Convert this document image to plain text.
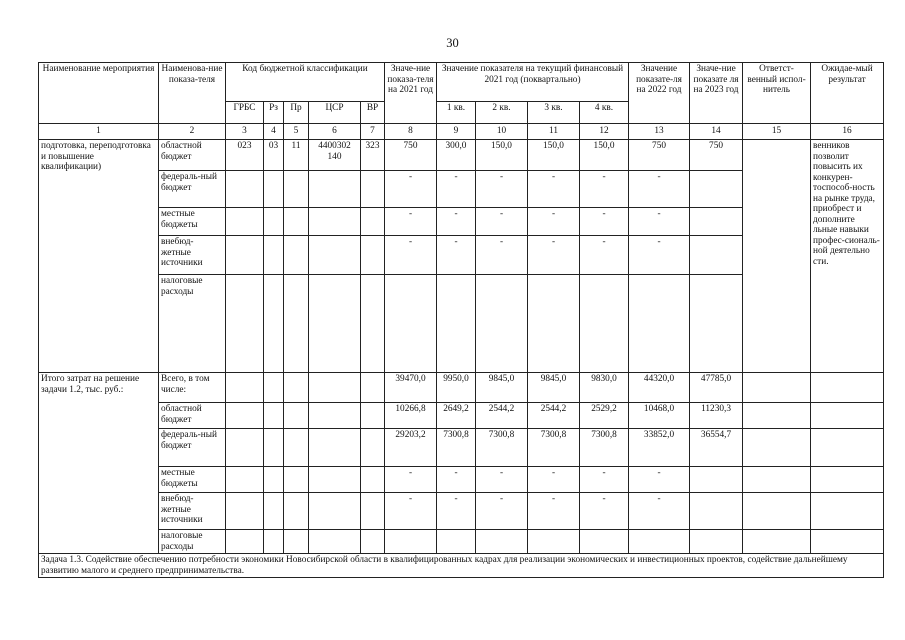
30
Наименование мероприятия	Наименова-ние показа-теля	Код бюджетной классификации					Значе-ние показа-теля на 2021 год	Значение показателя на текущий финансовый 2021 год (поквартально)				Значение показате-ля на 2022 год	Значе-ние показате ля на 2023 год	Ответст-венный испол-нитель	Ожидае-мый результат
		ГРБС	Рз	Пр	ЦСР	ВР		1 кв.	2 кв.	3 кв.	4 кв.				
1	2	3	4	5	6	7	8	9	10	11	12	13	14	15	16
подготовка, переподготовка и повышение квалификации)	областной бюджет	023	03	11	4400302 140	323	750	300,0	150,0	150,0	150,0	750	750		венников позволит повысить их конкурен-тоспособ-ность на рынке труда, приобрест и дополните льные навыки профес-сиональ-ной деятельно сти.
	федераль-ный бюджет						-	-	-	-	-	-			
	местные бюджеты						-	-	-	-	-	-			
	внебюд-жетные источники						-	-	-	-	-	-			
	налоговые расходы														
Итого затрат на решение задачи 1.2, тыс. руб.:	Всего, в том числе:						39470,0	9950,0	9845,0	9845,0	9830,0	44320,0	47785,0		
	областной бюджет						10266,8	2649,2	2544,2	2544,2	2529,2	10468,0	11230,3		
	федераль-ный бюджет						29203,2	7300,8	7300,8	7300,8	7300,8	33852,0	36554,7		
	местные бюджеты						-	-	-	-	-	-			
	внебюд-жетные источники						-	-	-	-	-	-			
	налоговые расходы														
Задача 1.3. Содействие обеспечению потребности экономики Новосибирской области в квалифицированных кадрах для реализации экономических и инвестиционных проектов, содействие дальнейшему развитию малого и среднего предпринимательства.															
